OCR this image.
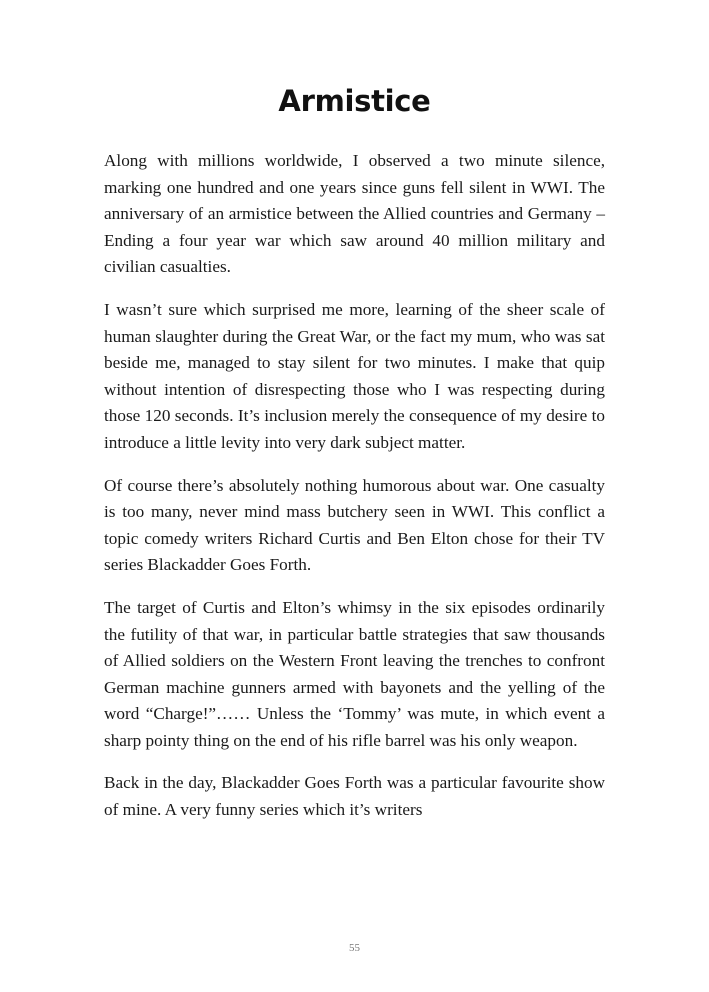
Armistice

Along with millions worldwide, I observed a two minute silence, marking one hundred and one years since guns fell silent in WWI. The anniversary of an armistice between the Allied countries and Germany – Ending a four year war which saw around 40 million military and civilian casualties.

I wasn’t sure which surprised me more, learning of the sheer scale of human slaughter during the Great War, or the fact my mum, who was sat beside me, managed to stay silent for two minutes. I make that quip without intention of disrespecting those who I was respecting during those 120 seconds. It’s inclusion merely the consequence of my desire to introduce a little levity into very dark subject matter.

Of course there’s absolutely nothing humorous about war. One casualty is too many, never mind mass butchery seen in WWI. This conflict a topic comedy writers Richard Curtis and Ben Elton chose for their TV series Blackadder Goes Forth.

The target of Curtis and Elton’s whimsy in the six episodes ordinarily the futility of that war, in particular battle strategies that saw thousands of Allied soldiers on the Western Front leaving the trenches to confront German machine gunners armed with bayonets and the yelling of the word “Charge!”…… Unless the ‘Tommy’ was mute, in which event a sharp pointy thing on the end of his rifle barrel was his only weapon.

Back in the day, Blackadder Goes Forth was a particular favourite show of mine. A very funny series which it’s writers

55
